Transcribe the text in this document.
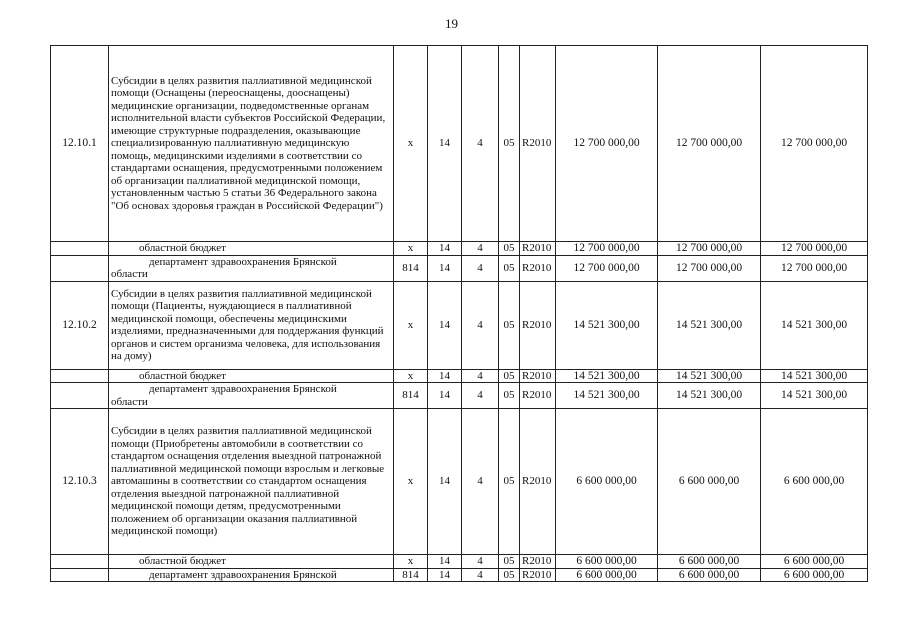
19
12.10.1	Субсидии в целях развития паллиативной медицинской помощи (Оснащены (переоснащены, дооснащены) медицинские организации, подведомственные органам исполнительной власти субъектов Российской Федерации, имеющие структурные подразделения, оказывающие специализированную паллиативную медицинскую помощь, медицинскими изделиями в соответствии со стандартами оснащения, предусмотренными положением об организации паллиативной медицинской помощи, установленным частью 5 статьи 36 Федерального закона "Об основах здоровья граждан в Российской Федерации")	х	14	4	05	R2010	12 700 000,00	12 700 000,00	12 700 000,00
	областной бюджет	х	14	4	05	R2010	12 700 000,00	12 700 000,00	12 700 000,00

	департамент здравоохранения Брянской
области	814	14	4	05	R2010	12 700 000,00	12 700 000,00	12 700 000,00
12.10.2	Субсидии в целях развития паллиативной медицинской помощи (Пациенты, нуждающиеся в паллиативной медицинской помощи, обеспечены медицинскими изделиями, предназначенными для поддержания функций органов и систем организма человека, для использования на дому)	х	14	4	05	R2010	14 521 300,00	14 521 300,00	14 521 300,00
	областной бюджет	х	14	4	05	R2010	14 521 300,00	14 521 300,00	14 521 300,00

	департамент здравоохранения Брянской
области	814	14	4	05	R2010	14 521 300,00	14 521 300,00	14 521 300,00
12.10.3	Субсидии в целях развития паллиативной медицинской помощи (Приобретены автомобили в соответствии со стандартом оснащения отделения выездной патронажной паллиативной медицинской помощи взрослым и легковые автомашины в соответствии со стандартом оснащения отделения выездной патронажной паллиативной медицинской помощи детям, предусмотренными положением об организации оказания паллиативной медицинской помощи)	х	14	4	05	R2010	6 600 000,00	6 600 000,00	6 600 000,00
	областной бюджет	х	14	4	05	R2010	6 600 000,00	6 600 000,00	6 600 000,00
	департамент здравоохранения Брянской	814	14	4	05	R2010	6 600 000,00	6 600 000,00	6 600 000,00
